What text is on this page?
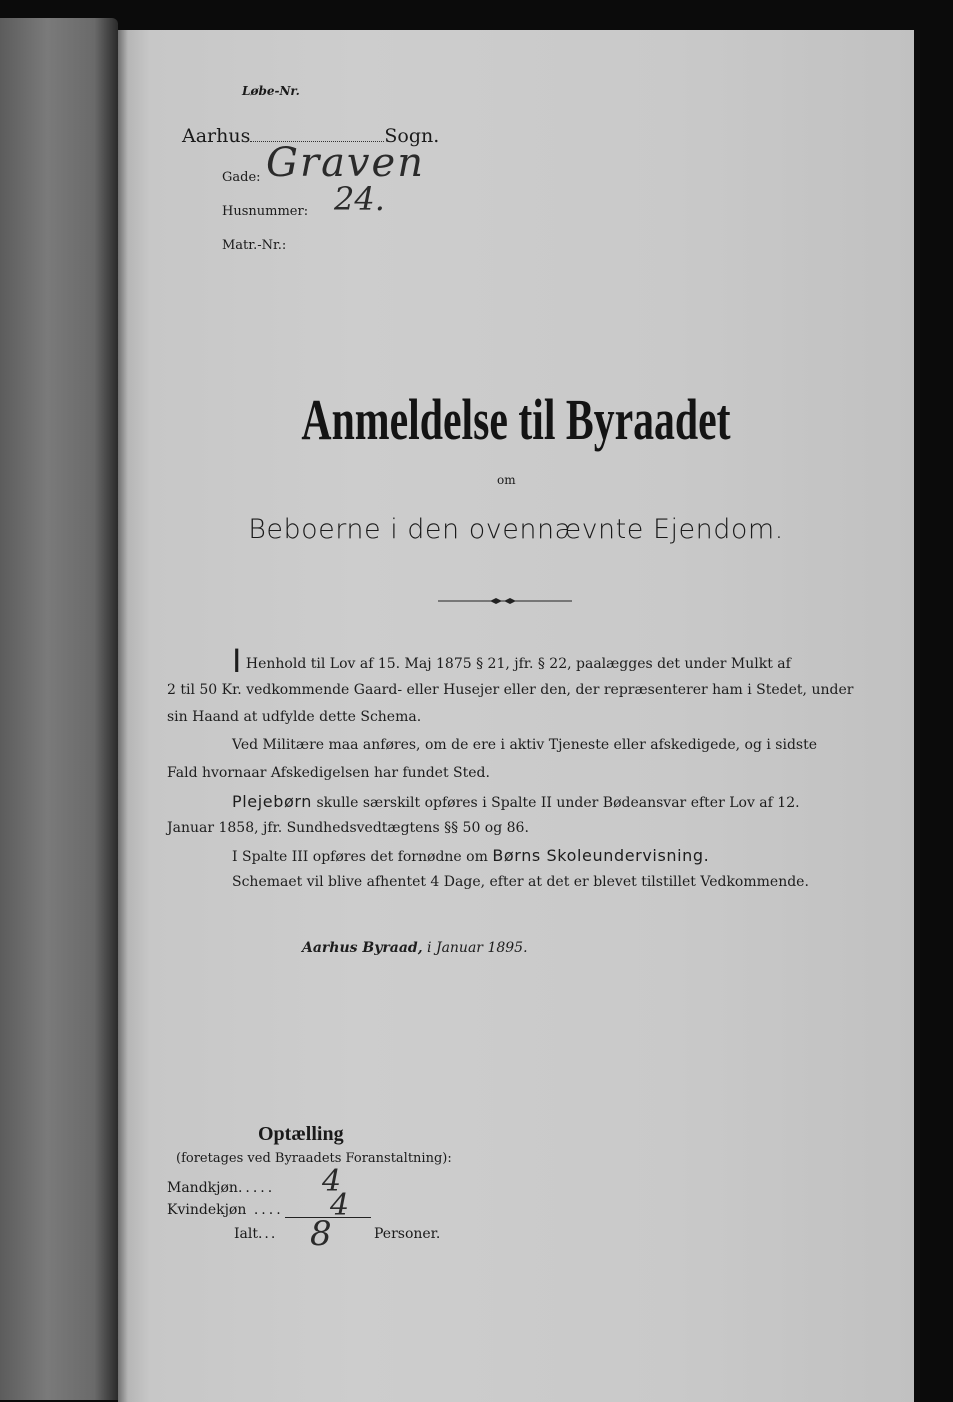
Løbe-Nr.
Aarhus	Sogn.
Gade: Graven
Husnummer: 24.
Matr.-Nr.:
Anmeldelse til Byraadet
om
Beboerne i den ovennævnte Ejendom.
I Henhold til Lov af 15. Maj 1875 § 21, jfr. § 22, paalægges det under Mulkt af
2 til 50 Kr. vedkommende Gaard- eller Husejer eller den, der repræsenterer ham i Stedet, under
sin Haand at udfylde dette Schema.
Ved Militære maa anføres, om de ere i aktiv Tjeneste eller afskedigede, og i sidste
Fald hvornaar Afskedigelsen har fundet Sted.
Plejebørn skulle særskilt opføres i Spalte II under Bødeansvar efter Lov af 12.
Januar 1858, jfr. Sundhedsvedtægtens §§ 50 og 86.
I Spalte III opføres det fornødne om Børns Skoleundervisning.
Schemaet vil blive afhentet 4 Dage, efter at det er blevet tilstillet Vedkommende.
Aarhus Byraad, i Januar 1895.
Optælling
(foretages ved Byraadets Foranstaltning):
Mandkjøn..... 4
Kvindekjøn .... 4
Ialt... 8	Personer.
